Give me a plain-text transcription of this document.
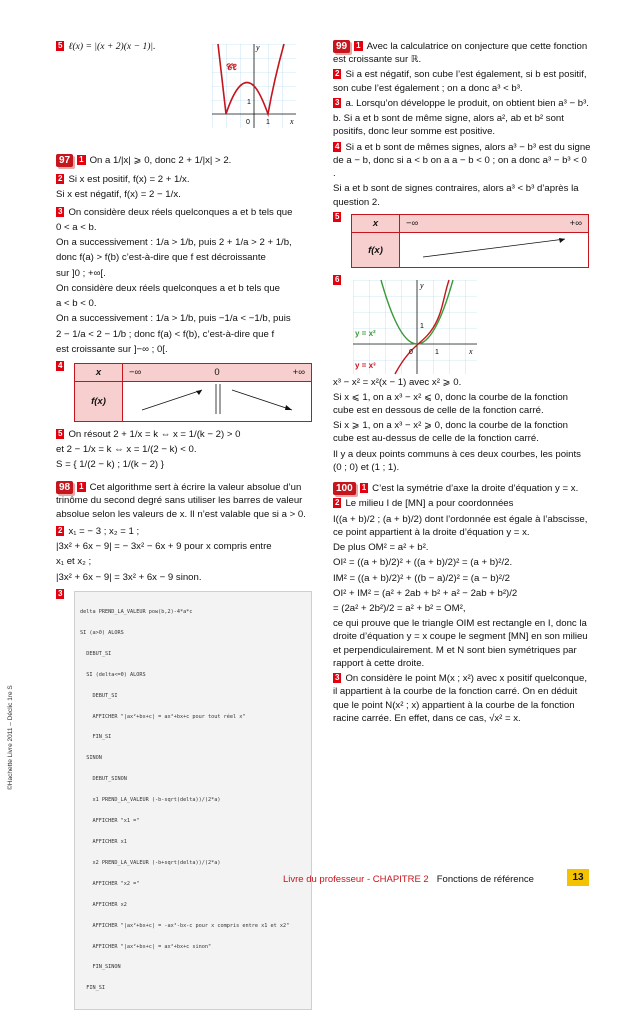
©Hachette Livre 2011 – Déclic 1re S
5 ℓ(x) = |(x + 2)(x − 1)|.	y
x
𝒞ℓ
0 1
1
97 1 On a 1/|x| ⩾ 0, donc 2 + 1/|x| > 2.
2 Si x est positif, f(x) = 2 + 1/x.
Si x est négatif, f(x) = 2 − 1/x.
3 On considère deux réels quelconques a et b tels que
0 < a < b.
On a successivement : 1/a > 1/b, puis 2 + 1/a > 2 + 1/b,
donc f(a) > f(b) c’est-à-dire que f est décroissante
sur ]0 ; +∞[.
On considère deux réels quelconques a et b tels que
a < b < 0.
On a successivement : 1/a > 1/b, puis −1/a < −1/b, puis
2 − 1/a < 2 − 1/b ; donc f(a) < f(b), c’est-à-dire que f
est croissante sur ]−∞ ; 0[.
4
x	−∞ 0 +∞

f(x)	
5 On résout 2 + 1/x = k ⇔ x = 1/(k − 2) > 0
et 2 − 1/x = k ⇔ x = 1/(2 − k) < 0.
S = { 1/(2 − k) ; 1/(k − 2) }
98 1 Cet algorithme sert à écrire la valeur absolue d’un trinôme du second degré sans utiliser les barres de valeur absolue selon les valeurs de x. Il n’est valable que si a > 0.
2 x₁ = − 3 ; x₂ = 1 ;
|3x² + 6x − 9| = − 3x² − 6x + 9 pour x compris entre
x₁ et x₂ ;
|3x² + 6x − 9| = 3x² + 6x − 9 sinon.
3

delta PREND_LA_VALEUR pow(b,2)-4*a*c

SI (a>0) ALORS

DEBUT_SI

SI (delta<=0) ALORS

DEBUT_SI

AFFICHER "|ax²+bx+c| = ax²+bx+c pour tout réel x"

FIN_SI

SINON

DEBUT_SINON

x1 PREND_LA_VALEUR (-b-sqrt(delta))/(2*a)

AFFICHER "x1 ="

AFFICHER x1

x2 PREND_LA_VALEUR (-b+sqrt(delta))/(2*a)

AFFICHER "x2 ="

AFFICHER x2

AFFICHER "|ax²+bx+c| = -ax²-bx-c pour x compris entre x1 et x2"

AFFICHER "|ax²+bx+c| = ax²+bx+c sinon"

FIN_SINON

FIN_SI

99 1 Avec la calculatrice on conjecture que cette fonction est croissante sur ℝ.
2 Si a est négatif, son cube l’est également, si b est positif, son cube l’est également ; on a donc a³ < b³.
3 a. Lorsqu’on développe le produit, on obtient bien a³ − b³.
b. Si a et b sont de même signe, alors a², ab et b² sont positifs, donc leur somme est positive.
4 Si a et b sont de mêmes signes, alors a³ − b³ est du signe de a − b, donc si a < b on a a − b < 0 ; on a donc a³ − b³ < 0 .
Si a et b sont de signes contraires, alors a³ < b³ d’après la question 2.
5
x	−∞ +∞

f(x)	
6
y
x
0	1
1
y = x²
y = x³
x³ − x² = x²(x − 1) avec x² ⩾ 0.
Si x ⩽ 1, on a x³ − x² ⩽ 0, donc la courbe de la fonction cube est en dessous de celle de la fonction carré.
Si x ⩾ 1, on a x³ − x² ⩾ 0, donc la courbe de la fonction cube est au-dessus de celle de la fonction carré.
Il y a deux points communs à ces deux courbes, les points (0 ; 0) et (1 ; 1).
100 1 C’est la symétrie d’axe la droite d’équation y = x.
2 Le milieu I de [MN] a pour coordonnées
I((a + b)/2 ; (a + b)/2) dont l’ordonnée est égale à l’abscisse, ce point appartient à la droite d’équation y = x.
De plus OM² = a² + b².
OI² = ((a + b)/2)² + ((a + b)/2)² = (a + b)²/2.
IM² = ((a + b)/2)² + ((b − a)/2)² = (a − b)²/2
OI² + IM² = (a² + 2ab + b² + a² − 2ab + b²)/2
= (2a² + 2b²)/2 = a² + b² = OM²,
ce qui prouve que le triangle OIM est rectangle en I, donc la droite d’équation y = x coupe le segment [MN] en son milieu et perpendiculairement. M et N sont bien symétriques par rapport à cette droite.
3 On considère le point M(x ; x²) avec x positif quelconque, il appartient à la courbe de la fonction carré. On en déduit que le point N(x² ; x) appartient à la courbe de la fonction racine carrée. En effet, dans ce cas, √x² = x.
Livre du professeur - CHAPITRE 2 Fonctions de référence	13
